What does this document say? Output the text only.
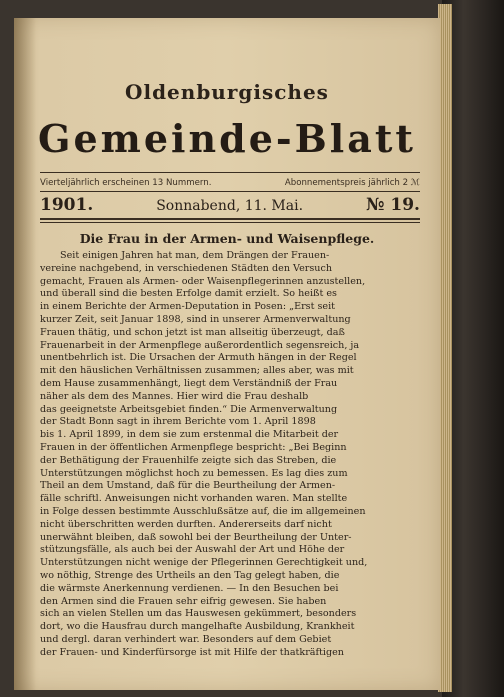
Oldenburgisches
Gemeinde-Blatt
Vierteljährlich erscheinen 13 Nummern.	Abonnementspreis jährlich 2 ℳ
1901.	Sonnabend, 11. Mai.	№ 19.
Die Frau in der Armen- und Waisenpflege.
Seit einigen Jahren hat man, dem Drängen der Frauen-
vereine nachgebend, in verschiedenen Städten den Versuch
gemacht, Frauen als Armen- oder Waisenpflegerinnen anzustellen,
und überall sind die besten Erfolge damit erzielt. So heißt es
in einem Berichte der Armen-Deputation in Posen: „Erst seit
kurzer Zeit, seit Januar 1898, sind in unserer Armenverwaltung
Frauen thätig, und schon jetzt ist man allseitig überzeugt, daß
Frauenarbeit in der Armenpflege außerordentlich segensreich, ja
unentbehrlich ist. Die Ursachen der Armuth hängen in der Regel
mit den häuslichen Verhältnissen zusammen; alles aber, was mit
dem Hause zusammenhängt, liegt dem Verständniß der Frau
näher als dem des Mannes. Hier wird die Frau deshalb
das geeignetste Arbeitsgebiet finden.“ Die Armenverwaltung
der Stadt Bonn sagt in ihrem Berichte vom 1. April 1898
bis 1. April 1899, in dem sie zum erstenmal die Mitarbeit der
Frauen in der öffentlichen Armenpflege bespricht: „Bei Beginn
der Bethätigung der Frauenhilfe zeigte sich das Streben, die
Unterstützungen möglichst hoch zu bemessen. Es lag dies zum
Theil an dem Umstand, daß für die Beurtheilung der Armen-
fälle schriftl. Anweisungen nicht vorhanden waren. Man stellte
in Folge dessen bestimmte Ausschlußsätze auf, die im allgemeinen
nicht überschritten werden durften. Andererseits darf nicht
unerwähnt bleiben, daß sowohl bei der Beurtheilung der Unter-
stützungsfälle, als auch bei der Auswahl der Art und Höhe der
Unterstützungen nicht wenige der Pflegerinnen Gerechtigkeit und,
wo nöthig, Strenge des Urtheils an den Tag gelegt haben, die
die wärmste Anerkennung verdienen. — In den Besuchen bei
den Armen sind die Frauen sehr eifrig gewesen. Sie haben
sich an vielen Stellen um das Hauswesen gekümmert, besonders
dort, wo die Hausfrau durch mangelhafte Ausbildung, Krankheit
und dergl. daran verhindert war. Besonders auf dem Gebiet
der Frauen- und Kinderfürsorge ist mit Hilfe der thatkräftigen
